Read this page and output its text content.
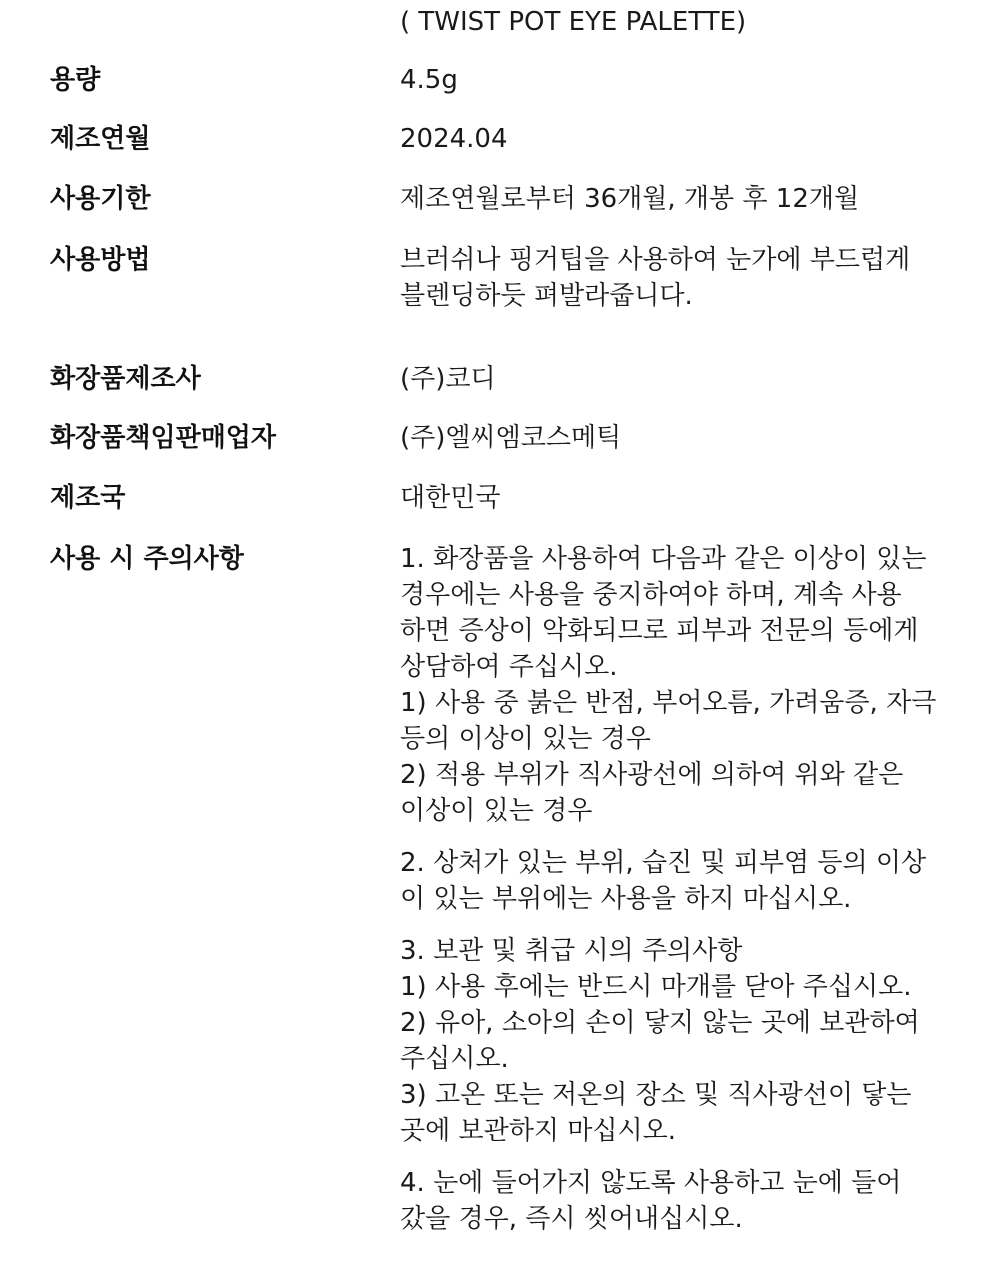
( TWIST POT EYE PALETTE)
용량	4.5g
제조연월	2024.04
사용기한	제조연월로부터 36개월, 개봉 후 12개월
사용방법	브러쉬나 핑거팁을 사용하여 눈가에 부드럽게
블렌딩하듯 펴발라줍니다.
화장품제조사	(주)코디
화장품책임판매업자	(주)엘씨엠코스메틱
제조국	대한민국
사용 시 주의사항	1. 화장품을 사용하여 다음과 같은 이상이 있는
경우에는 사용을 중지하여야 하며, 계속 사용
하면 증상이 악화되므로 피부과 전문의 등에게
상담하여 주십시오.
1) 사용 중 붉은 반점, 부어오름, 가려움증, 자극
등의 이상이 있는 경우
2) 적용 부위가 직사광선에 의하여 위와 같은
이상이 있는 경우
2. 상처가 있는 부위, 습진 및 피부염 등의 이상
이 있는 부위에는 사용을 하지 마십시오.
3. 보관 및 취급 시의 주의사항
1) 사용 후에는 반드시 마개를 닫아 주십시오.
2) 유아, 소아의 손이 닿지 않는 곳에 보관하여
주십시오.
3) 고온 또는 저온의 장소 및 직사광선이 닿는
곳에 보관하지 마십시오.
4. 눈에 들어가지 않도록 사용하고 눈에 들어
갔을 경우, 즉시 씻어내십시오.
